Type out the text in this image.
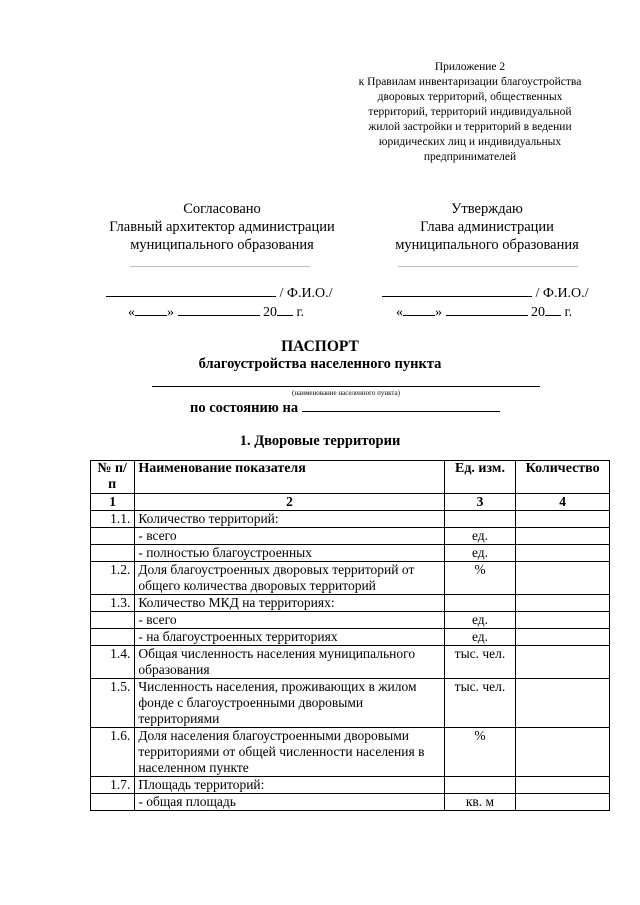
Приложение 2
к Правилам инвентаризации благоустройства
дворовых территорий, общественных
территорий, территорий индивидуальной
жилой застройки и территорий в ведении
юридических лиц и индивидуальных
предпринимателей
Согласовано
Главный архитектор администрации
муниципального образования
Утверждаю
Глава администрации
муниципального образования
/ Ф.И.О./	/ Ф.И.О./
« »	20 г.	« »	20 г.
ПАСПОРТ
благоустройства населенного пункта
(наименование населенного пункта)
по состоянию на
1. Дворовые территории
№ п/п	Наименование показателя	Ед. изм.	Количество
1	2	3	4
1.1.	Количество территорий:		
	- всего	ед.	
	- полностью благоустроенных	ед.	
1.2.	Доля благоустроенных дворовых территорий от общего количества дворовых территорий	%	
1.3.	Количество МКД на территориях:		
	- всего	ед.	
	- на благоустроенных территориях	ед.	
1.4.	Общая численность населения муниципального образования	тыс. чел.	
1.5.	Численность населения, проживающих в жилом фонде с благоустроенными дворовыми территориями	тыс. чел.	
1.6.	Доля населения благоустроенными дворовыми территориями от общей численности населения в населенном пункте	%	
1.7.	Площадь территорий:		
	- общая площадь	кв. м	
